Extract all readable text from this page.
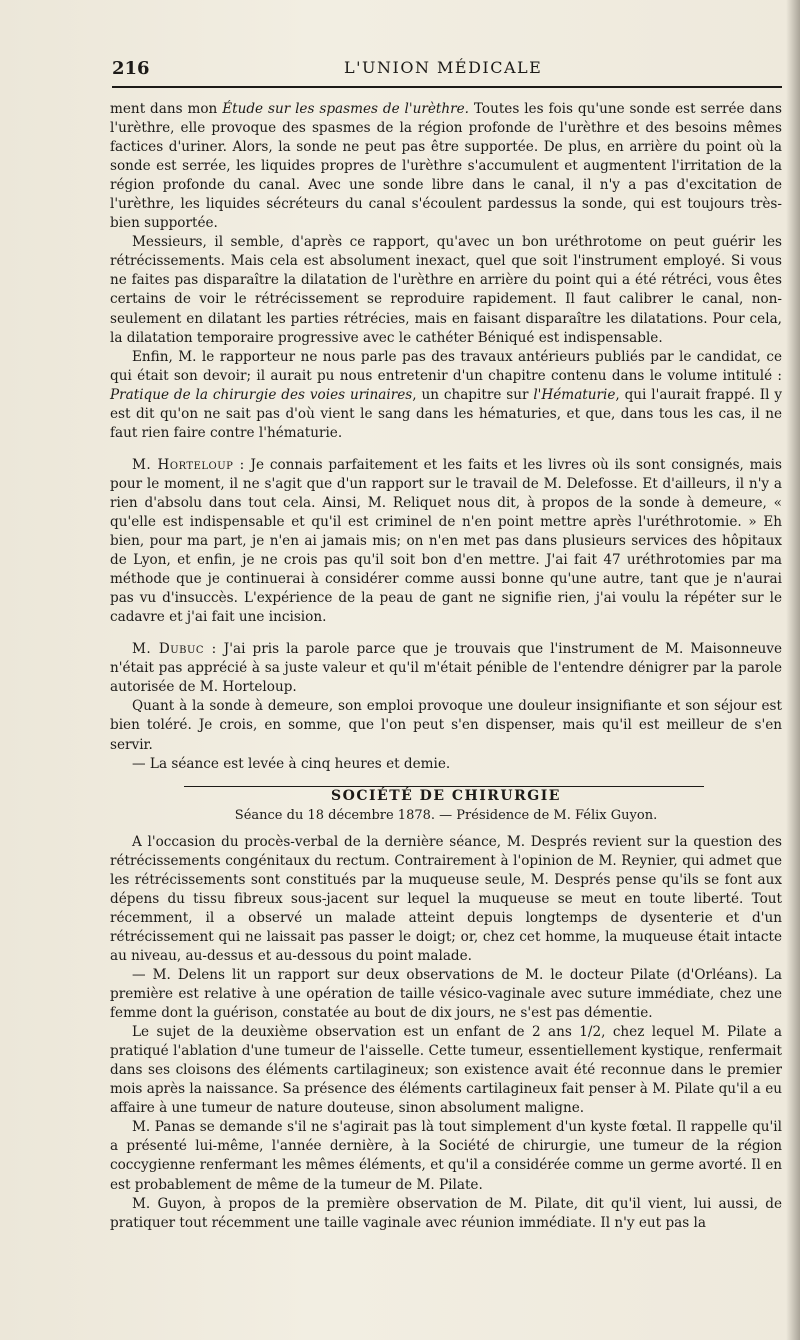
216	L'UNION MÉDICALE

ment dans mon Étude sur les spasmes de l'urèthre. Toutes les fois qu'une sonde est serrée dans l'urèthre, elle provoque des spasmes de la région profonde de l'urèthre et des besoins mêmes factices d'uriner. Alors, la sonde ne peut pas être supportée. De plus, en arrière du point où la sonde est serrée, les liquides propres de l'urèthre s'accumulent et augmentent l'irritation de la région profonde du canal. Avec une sonde libre dans le canal, il n'y a pas d'excitation de l'urèthre, les liquides sécréteurs du canal s'écoulent pardessus la sonde, qui est toujours très-bien supportée.

Messieurs, il semble, d'après ce rapport, qu'avec un bon uréthrotome on peut guérir les rétrécissements. Mais cela est absolument inexact, quel que soit l'instrument employé. Si vous ne faites pas disparaître la dilatation de l'urèthre en arrière du point qui a été rétréci, vous êtes certains de voir le rétrécissement se reproduire rapidement. Il faut calibrer le canal, non-seulement en dilatant les parties rétrécies, mais en faisant disparaître les dilatations. Pour cela, la dilatation temporaire progressive avec le cathéter Béniqué est indispensable.

Enfin, M. le rapporteur ne nous parle pas des travaux antérieurs publiés par le candidat, ce qui était son devoir; il aurait pu nous entretenir d'un chapitre contenu dans le volume intitulé : Pratique de la chirurgie des voies urinaires, un chapitre sur l'Hématurie, qui l'aurait frappé. Il y est dit qu'on ne sait pas d'où vient le sang dans les hématuries, et que, dans tous les cas, il ne faut rien faire contre l'hématurie.

M. Horteloup : Je connais parfaitement et les faits et les livres où ils sont consignés, mais pour le moment, il ne s'agit que d'un rapport sur le travail de M. Delefosse. Et d'ailleurs, il n'y a rien d'absolu dans tout cela. Ainsi, M. Reliquet nous dit, à propos de la sonde à demeure, « qu'elle est indispensable et qu'il est criminel de n'en point mettre après l'uréthrotomie. » Eh bien, pour ma part, je n'en ai jamais mis; on n'en met pas dans plusieurs services des hôpitaux de Lyon, et enfin, je ne crois pas qu'il soit bon d'en mettre. J'ai fait 47 uréthrotomies par ma méthode que je continuerai à considérer comme aussi bonne qu'une autre, tant que je n'aurai pas vu d'insuccès. L'expérience de la peau de gant ne signifie rien, j'ai voulu la répéter sur le cadavre et j'ai fait une incision.

M. Dubuc : J'ai pris la parole parce que je trouvais que l'instrument de M. Maisonneuve n'était pas apprécié à sa juste valeur et qu'il m'était pénible de l'entendre dénigrer par la parole autorisée de M. Horteloup.

Quant à la sonde à demeure, son emploi provoque une douleur insignifiante et son séjour est bien toléré. Je crois, en somme, que l'on peut s'en dispenser, mais qu'il est meilleur de s'en servir.

— La séance est levée à cinq heures et demie.

SOCIÉTÉ DE CHIRURGIE

Séance du 18 décembre 1878. — Présidence de M. Félix Guyon.

A l'occasion du procès-verbal de la dernière séance, M. Després revient sur la question des rétrécissements congénitaux du rectum. Contrairement à l'opinion de M. Reynier, qui admet que les rétrécissements sont constitués par la muqueuse seule, M. Després pense qu'ils se font aux dépens du tissu fibreux sous-jacent sur lequel la muqueuse se meut en toute liberté. Tout récemment, il a observé un malade atteint depuis longtemps de dysenterie et d'un rétrécissement qui ne laissait pas passer le doigt; or, chez cet homme, la muqueuse était intacte au niveau, au-dessus et au-dessous du point malade.

— M. Delens lit un rapport sur deux observations de M. le docteur Pilate (d'Orléans). La première est relative à une opération de taille vésico-vaginale avec suture immédiate, chez une femme dont la guérison, constatée au bout de dix jours, ne s'est pas démentie.

Le sujet de la deuxième observation est un enfant de 2 ans 1/2, chez lequel M. Pilate a pratiqué l'ablation d'une tumeur de l'aisselle. Cette tumeur, essentiellement kystique, renfermait dans ses cloisons des éléments cartilagineux; son existence avait été reconnue dans le premier mois après la naissance. Sa présence des éléments cartilagineux fait penser à M. Pilate qu'il a eu affaire à une tumeur de nature douteuse, sinon absolument maligne.

M. Panas se demande s'il ne s'agirait pas là tout simplement d'un kyste fœtal. Il rappelle qu'il a présenté lui-même, l'année dernière, à la Société de chirurgie, une tumeur de la région coccygienne renfermant les mêmes éléments, et qu'il a considérée comme un germe avorté. Il en est probablement de même de la tumeur de M. Pilate.

M. Guyon, à propos de la première observation de M. Pilate, dit qu'il vient, lui aussi, de pratiquer tout récemment une taille vaginale avec réunion immédiate. Il n'y eut pas la
